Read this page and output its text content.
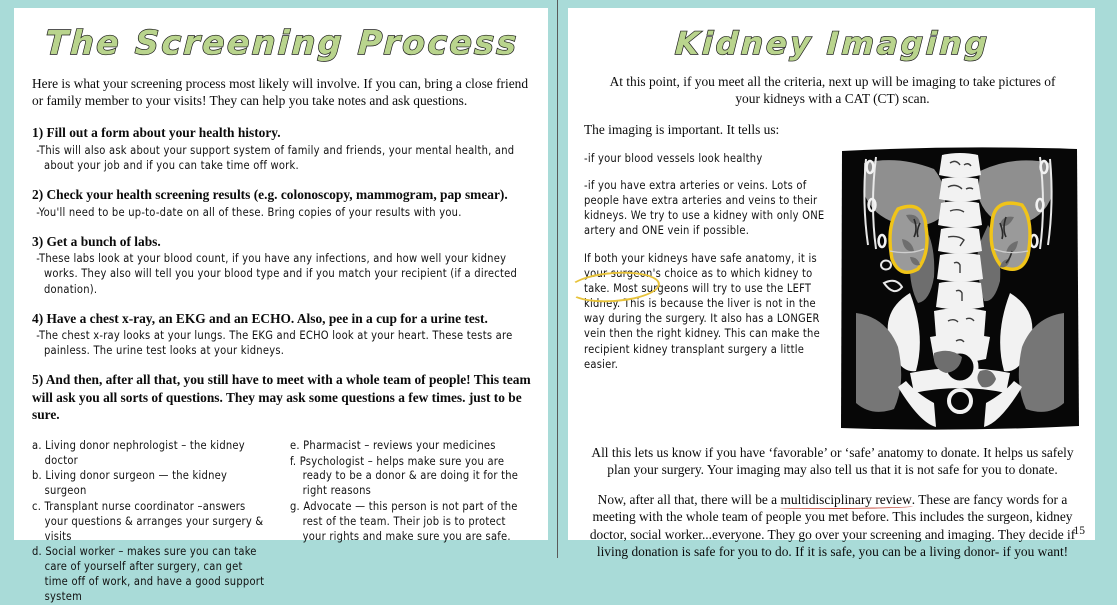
The Screening Process
Here is what your screening process most likely will involve. If you can, bring a close friend or family member to your visits! They can help you take notes and ask questions.
1) Fill out a form about your health history.
-This will also ask about your support system of family and friends, your mental health, and about your job and if you can take time off work.
2) Check your health screening results (e.g. colonoscopy, mammogram, pap smear).
-You'll need to be up-to-date on all of these. Bring copies of your results with you.
3) Get a bunch of labs.
-These labs look at your blood count, if you have any infections, and how well your kidney works. They also will tell you your blood type and if you match your recipient (if a directed donation).
4) Have a chest x-ray, an EKG and an ECHO. Also, pee in a cup for a urine test.
-The chest x-ray looks at your lungs. The EKG and ECHO look at your heart. These tests are painless. The urine test looks at your kidneys.
5) And then, after all that, you still have to meet with a whole team of people! This team will ask you all sorts of questions. They may ask some questions a few times. just to be sure.
a. Living donor nephrologist – the kidney doctor
b. Living donor surgeon — the kidney surgeon
c. Transplant nurse coordinator –answers your questions & arranges your surgery & visits
d. Social worker – makes sure you can take care of yourself after surgery, can get time off of work, and have a good support system
e. Pharmacist – reviews your medicines
f. Psychologist – helps make sure you are ready to be a donor & are doing it for the right reasons
g. Advocate — this person is not part of the rest of the team. Their job is to protect your rights and make sure you are safe.
Kidney Imaging
At this point, if you meet all the criteria, next up will be imaging to take pictures of your kidneys with a CAT (CT) scan.
The imaging is important. It tells us:
-if your blood vessels look healthy
-if you have extra arteries or veins. Lots of people have extra arteries and veins to their kidneys. We try to use a kidney with only ONE artery and ONE vein if possible.
If both your kidneys have safe anatomy, it is your surgeon's choice as to which kidney to take. Most surgeons will try to use the LEFT kidney. This is because the liver is not in the way during the surgery. It also has a LONGER vein then the right kidney. This can make the recipient kidney transplant surgery a little easier.
All this lets us know if you have ‘favorable’ or ‘safe’ anatomy to donate. It helps us safely plan your surgery. Your imaging may also tell us that it is not safe for you to donate.
Now, after all that, there will be a multidisciplinary review. These are fancy words for a meeting with the whole team of people you met before. This includes the surgeon, kidney doctor, social worker...everyone. They go over your screening and imaging. They decide if living donation is safe for you to do. If it is safe, you can be a living donor- if you want!
15
